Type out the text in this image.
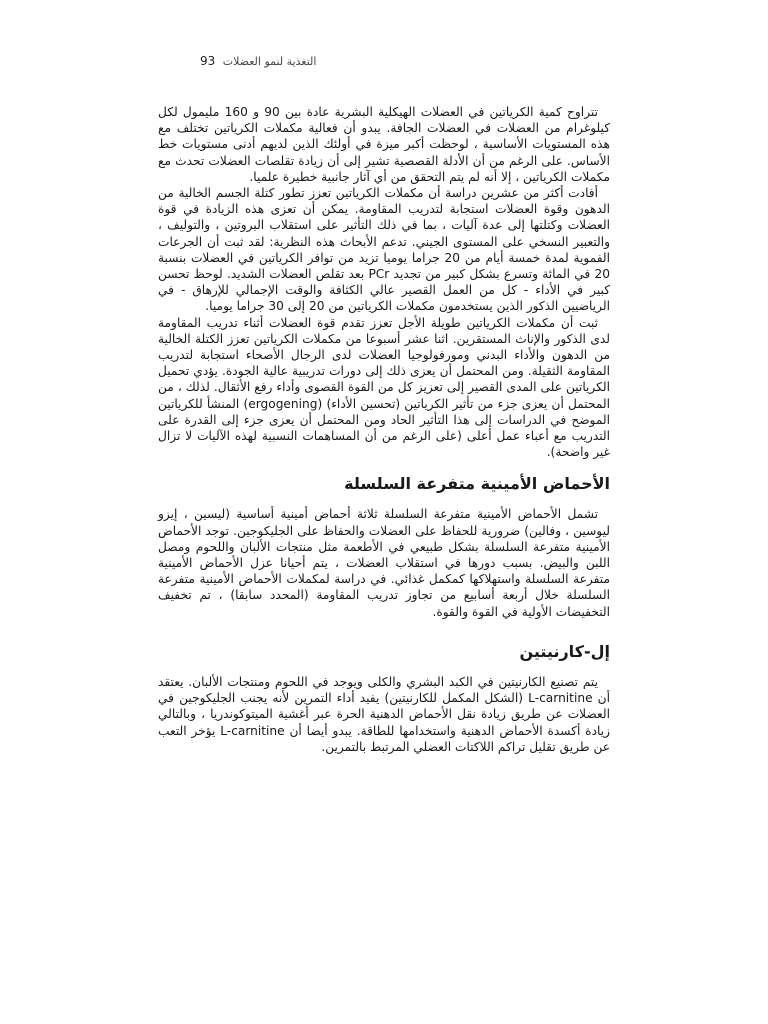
التغذية لنمو العضلات 93

تتراوح كمية الكرياتين في العضلات الهيكلية البشرية عادة بين 90 و 160 مليمول لكل كيلوغرام من العضلات في العضلات الجافة. يبدو أن فعالية مكملات الكرياتين تختلف مع هذه المستويات الأساسية ، لوحظت أكبر ميزة في أولئك الذين لديهم أدنى مستويات خط الأساس. على الرغم من أن الأدلة القصصية تشير إلى أن زيادة تقلصات العضلات تحدث مع مكملات الكرياتين ، إلا أنه لم يتم التحقق من أي آثار جانبية خطيرة علميا.

أفادت أكثر من عشرين دراسة أن مكملات الكرياتين تعزز تطور كتلة الجسم الخالية من الدهون وقوة العضلات استجابة لتدريب المقاومة. يمكن أن تعزى هذه الزيادة في قوة العضلات وكتلتها إلى عدة آليات ، بما في ذلك التأثير على استقلاب البروتين ، والتوليف ، والتعبير النسخي على المستوى الجيني. تدعم الأبحاث هذه النظرية: لقد ثبت أن الجرعات الفموية لمدة خمسة أيام من 20 جراما يوميا تزيد من توافر الكرياتين في العضلات بنسبة 20 في المائة وتسرع بشكل كبير من تجديد PCr بعد تقلص العضلات الشديد. لوحظ تحسن كبير في الأداء - كل من العمل القصير عالي الكثافة والوقت الإجمالي للإرهاق - في الرياضيين الذكور الذين يستخدمون مكملات الكرياتين من 20 إلى 30 جراما يوميا.

ثبت أن مكملات الكرياتين طويلة الأجل تعزز تقدم قوة العضلات أثناء تدريب المقاومة لدى الذكور والإناث المستقرين. اثنا عشر أسبوعا من مكملات الكرياتين تعزز الكتلة الخالية من الدهون والأداء البدني ومورفولوجيا العضلات لدى الرجال الأصحاء استجابة لتدريب المقاومة الثقيلة. ومن المحتمل أن يعزى ذلك إلى دورات تدريبية عالية الجودة. يؤدي تحميل الكرياتين على المدى القصير إلى تعزيز كل من القوة القصوى وأداء رفع الأثقال. لذلك ، من المحتمل أن يعزى جزء من تأثير الكرياتين (تحسين الأداء) (ergogening) المنشأ للكرياتين الموضح في الدراسات إلى هذا التأثير الحاد ومن المحتمل أن يعزى جزء إلى القدرة على التدريب مع أعباء عمل أعلى (على الرغم من أن المساهمات النسبية لهذه الآليات لا تزال غير واضحة).

الأحماض الأمينية متفرعة السلسلة

تشمل الأحماض الأمينية متفرعة السلسلة ثلاثة أحماض أمينية أساسية (ليسين ، إيزو ليوسين ، وفالين) ضرورية للحفاظ على العضلات والحفاظ على الجليكوجين. توجد الأحماض الأمينية متفرعة السلسلة بشكل طبيعي في الأطعمة مثل منتجات الألبان واللحوم ومصل اللبن والبيض. بسبب دورها في استقلاب العضلات ، يتم أحيانا عزل الأحماض الأمينية متفرعة السلسلة واستهلاكها كمكمل غذائي. في دراسة لمكملات الأحماض الأمينية متفرعة السلسلة خلال أربعة أسابيع من تجاوز تدريب المقاومة (المحدد سابقا) ، تم تخفيف التخفيضات الأولية في القوة والقوة.

إل-كارنيتين

يتم تصنيع الكارنيتين في الكبد البشري والكلى ويوجد في اللحوم ومنتجات الألبان. يعتقد أن L-carnitine (الشكل المكمل للكارنيتين) يفيد أداء التمرين لأنه يجنب الجليكوجين في العضلات عن طريق زيادة نقل الأحماض الدهنية الحرة عبر أغشية الميتوكوندريا ، وبالتالي زيادة أكسدة الأحماض الدهنية واستخدامها للطاقة. يبدو أيضا أن L-carnitine يؤخر التعب عن طريق تقليل تراكم اللاكتات العضلي المرتبط بالتمرين.
